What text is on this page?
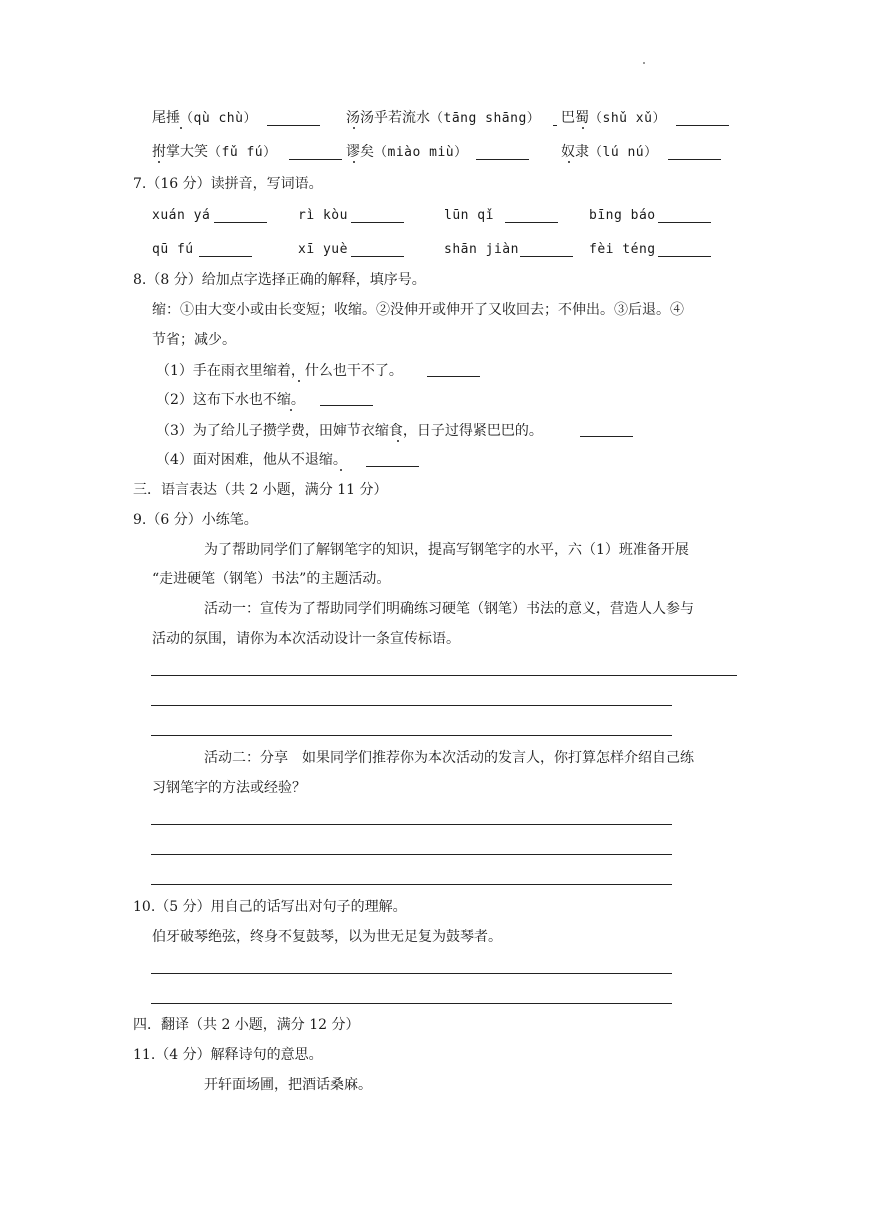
尾捶（qù chù）	汤汤乎若流水（tāng shāng） 巴蜀（shǔ xǔ）
拊掌大笑（fǔ fú）	谬矣（miào miù）	奴隶（lú nú）
7.（16 分）读拼音，写词语。
xuán yá	rì kòu	lūn qǐ	bīng báo
qū fú	xī yuè	shān jiàn	fèi téng
8.（8 分）给加点字选择正确的解释，填序号。
缩：①由大变小或由长变短；收缩。②没伸开或伸开了又收回去；不伸出。③后退。④
节省；减少。
（1）手在雨衣里缩着，什么也干不了。
（2）这布下水也不缩。
（3）为了给儿子攒学费，田婶节衣缩食，日子过得紧巴巴的。
（4）面对困难，他从不退缩。
三．语言表达（共 2 小题，满分 11 分）
9.（6 分）小练笔。
为了帮助同学们了解钢笔字的知识，提高写钢笔字的水平，六（1）班准备开展
“走进硬笔（钢笔）书法”的主题活动。
活动一：宣传为了帮助同学们明确练习硬笔（钢笔）书法的意义，营造人人参与
活动的氛围，请你为本次活动设计一条宣传标语。
活动二：分享　如果同学们推荐你为本次活动的发言人，你打算怎样介绍自己练
习钢笔字的方法或经验？
10.（5 分）用自己的话写出对句子的理解。
伯牙破琴绝弦，终身不复鼓琴，以为世无足复为鼓琴者。
四．翻译（共 2 小题，满分 12 分）
11.（4 分）解释诗句的意思。
开轩面场圃，把酒话桑麻。
